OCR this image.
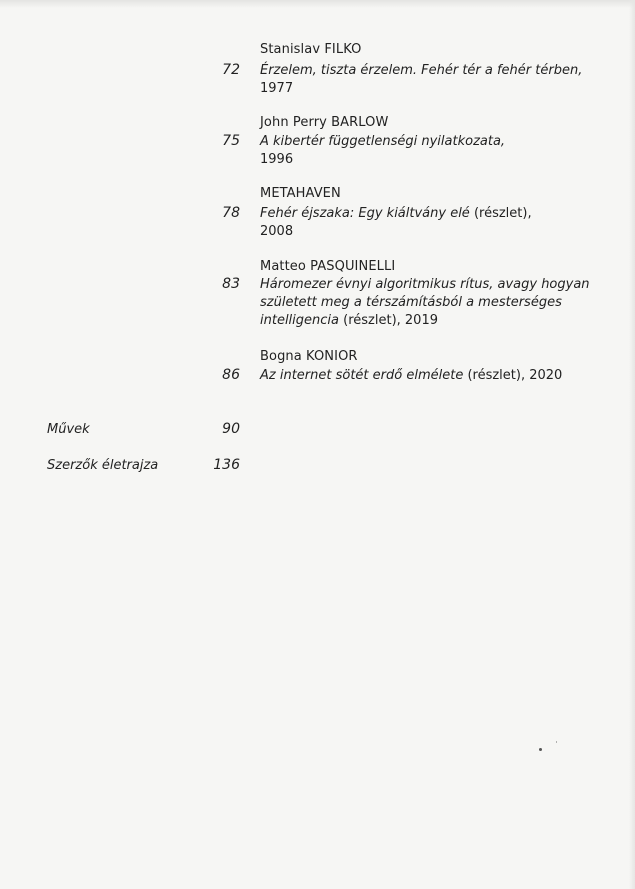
Stanislav FILKO
72 Érzelem, tiszta érzelem. Fehér tér a fehér térben,
1977
John Perry BARLOW
75 A kibertér függetlenségi nyilatkozata,
1996
METAHAVEN
78 Fehér éjszaka: Egy kiáltvány elé (részlet),
2008
Matteo PASQUINELLI
83 Háromezer évnyi algoritmikus rítus, avagy hogyan
született meg a térszámításból a mesterséges
intelligencia (részlet), 2019
Bogna KONIOR
86 Az internet sötét erdő elmélete (részlet), 2020
Művek	90
Szerzők életrajza	136
